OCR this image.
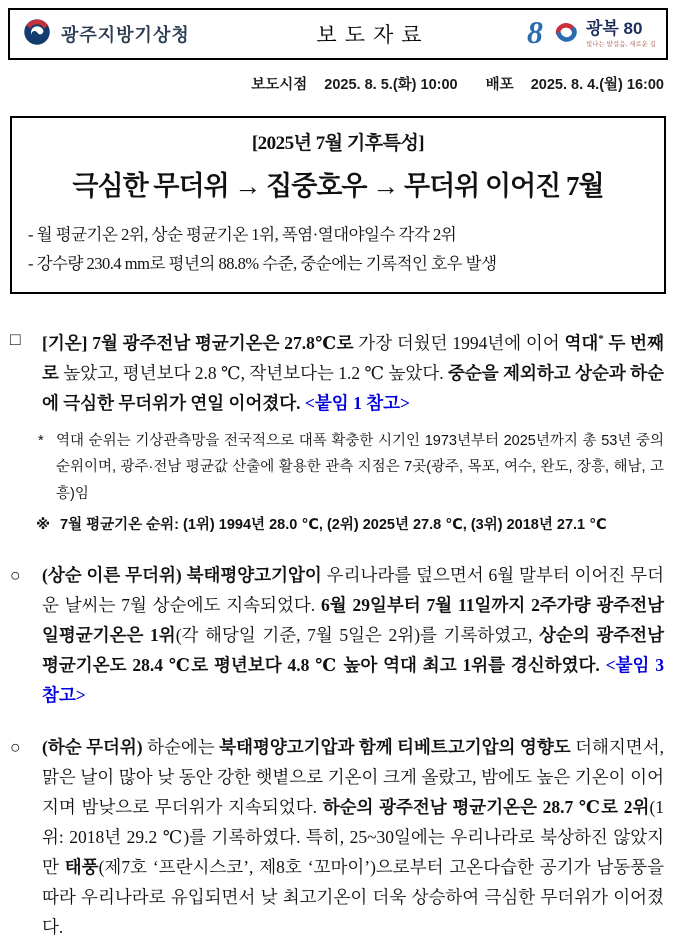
광주지방기상청	보도자료	8	광복 80
빛나는 발걸음, 새로운 길
보도시점 2025. 8. 5.(화) 10:00 배포 2025. 8. 4.(월) 16:00
[2025년 7월 기후특성]
극심한 무더위 → 집중호우 → 무더위 이어진 7월
- 월 평균기온 2위, 상순 평균기온 1위, 폭염·열대야일수 각각 2위
- 강수량 230.4 mm로 평년의 88.8% 수준, 중순에는 기록적인 호우 발생
□	[기온] 7월 광주전남 평균기온은 27.8℃로 가장 더웠던 1994년에 이어 역대* 두 번째로 높았고, 평년보다 2.8 ℃, 작년보다는 1.2 ℃ 높았다. 중순을 제외하고 상순과 하순에 극심한 무더위가 연일 이어졌다. <붙임 1 참고>
* 역대 순위는 기상관측망을 전국적으로 대폭 확충한 시기인 1973년부터 2025년까지 총 53년 중의 순위이며, 광주·전남 평균값 산출에 활용한 관측 지점은 7곳(광주, 목포, 여수, 완도, 장흥, 해남, 고흥)임
※ 7월 평균기온 순위: (1위) 1994년 28.0 ℃, (2위) 2025년 27.8 ℃, (3위) 2018년 27.1 ℃
○	(상순 이른 무더위) 북태평양고기압이 우리나라를 덮으면서 6월 말부터 이어진 무더운 날씨는 7월 상순에도 지속되었다. 6월 29일부터 7월 11일까지 2주가량 광주전남 일평균기온은 1위(각 해당일 기준, 7월 5일은 2위)를 기록하였고, 상순의 광주전남 평균기온도 28.4 ℃로 평년보다 4.8 ℃ 높아 역대 최고 1위를 경신하였다. <붙임 3 참고>
○	(하순 무더위) 하순에는 북태평양고기압과 함께 티베트고기압의 영향도 더해지면서, 맑은 날이 많아 낮 동안 강한 햇볕으로 기온이 크게 올랐고, 밤에도 높은 기온이 이어지며 밤낮으로 무더위가 지속되었다. 하순의 광주전남 평균기온은 28.7 ℃로 2위(1위: 2018년 29.2 ℃)를 기록하였다. 특히, 25~30일에는 우리나라로 북상하진 않았지만 태풍(제7호 ‘프란시스코’, 제8호 ‘꼬마이’)으로부터 고온다습한 공기가 남동풍을 따라 우리나라로 유입되면서 낮 최고기온이 더욱 상승하여 극심한 무더위가 이어졌다.
